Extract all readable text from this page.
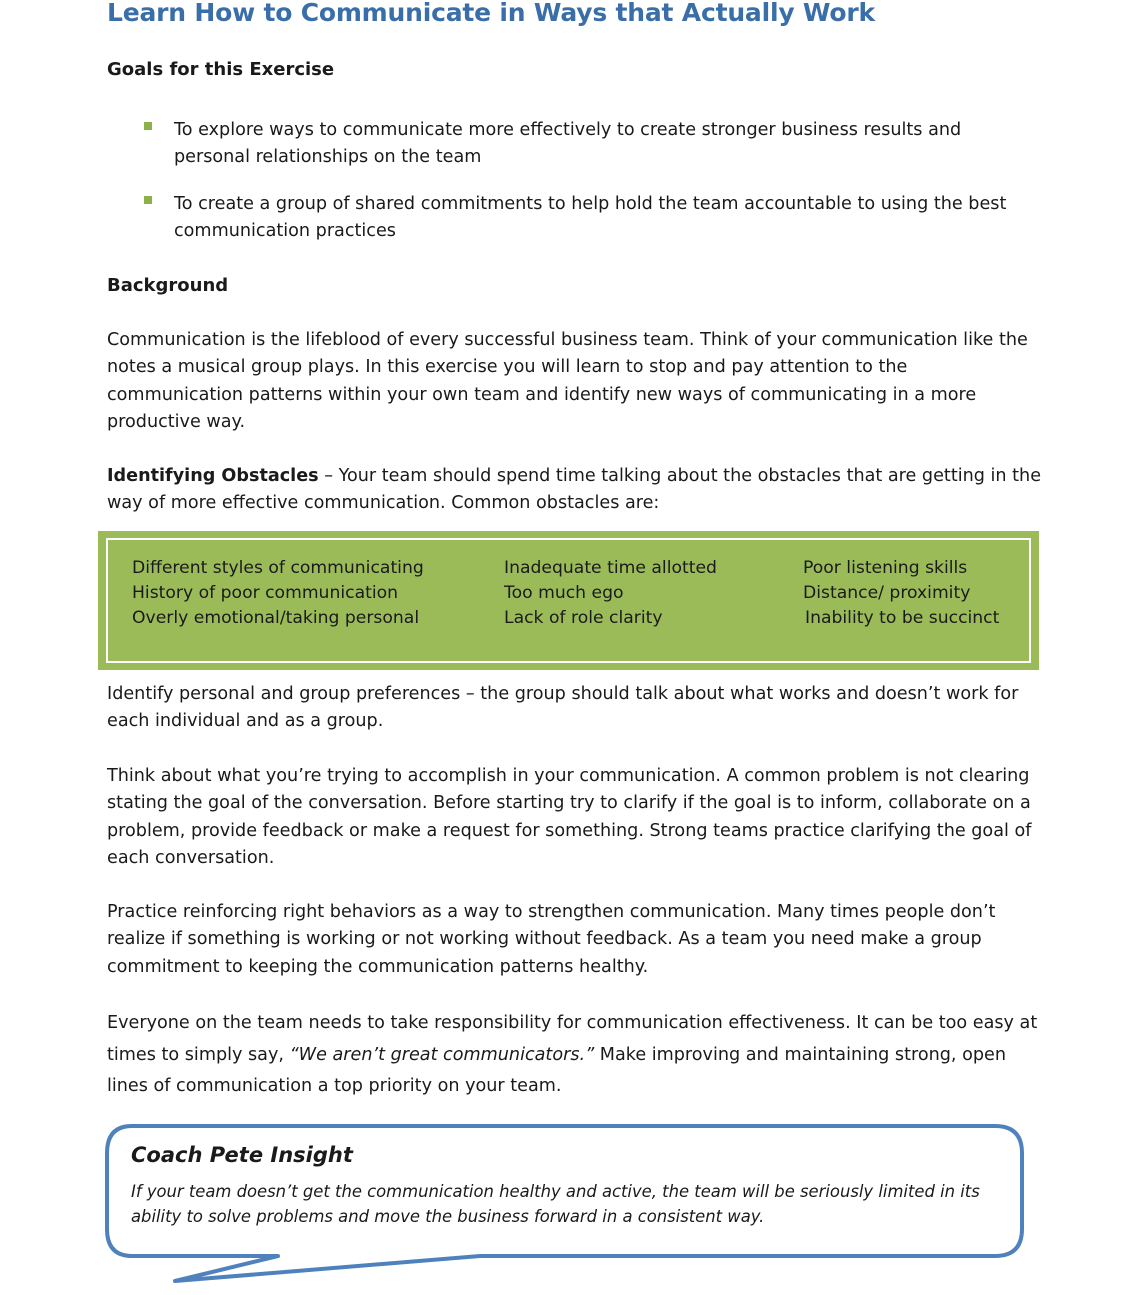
Learn How to Communicate in Ways that Actually Work
Goals for this Exercise
To explore ways to communicate more effectively to create stronger business results and personal relationships on the team
To create a group of shared commitments to help hold the team accountable to using the best communication practices
Background

Communication is the lifeblood of every successful business team. Think of your communication like the notes a musical group plays. In this exercise you will learn to stop and pay attention to the communication patterns within your own team and identify new ways of communicating in a more productive way.

Identifying Obstacles – Your team should spend time talking about the obstacles that are getting in the way of more effective communication. Common obstacles are:

Different styles of communicating
History of poor communication
Overly emotional/taking personal
Inadequate time allotted
Too much ego
Lack of role clarity
Poor listening skills
Distance/ proximity
Inability to be succinct

Identify personal and group preferences – the group should talk about what works and doesn’t work for each individual and as a group.

Think about what you’re trying to accomplish in your communication. A common problem is not clearing stating the goal of the conversation. Before starting try to clarify if the goal is to inform, collaborate on a problem, provide feedback or make a request for something. Strong teams practice clarifying the goal of each conversation.

Practice reinforcing right behaviors as a way to strengthen communication. Many times people don’t realize if something is working or not working without feedback. As a team you need make a group commitment to keeping the communication patterns healthy.

Everyone on the team needs to take responsibility for communication effectiveness. It can be too easy at times to simply say, “We aren’t great communicators.” Make improving and maintaining strong, open lines of communication a top priority on your team.

Coach Pete Insight

If your team doesn’t get the communication healthy and active, the team will be seriously limited in its ability to solve problems and move the business forward in a consistent way.
